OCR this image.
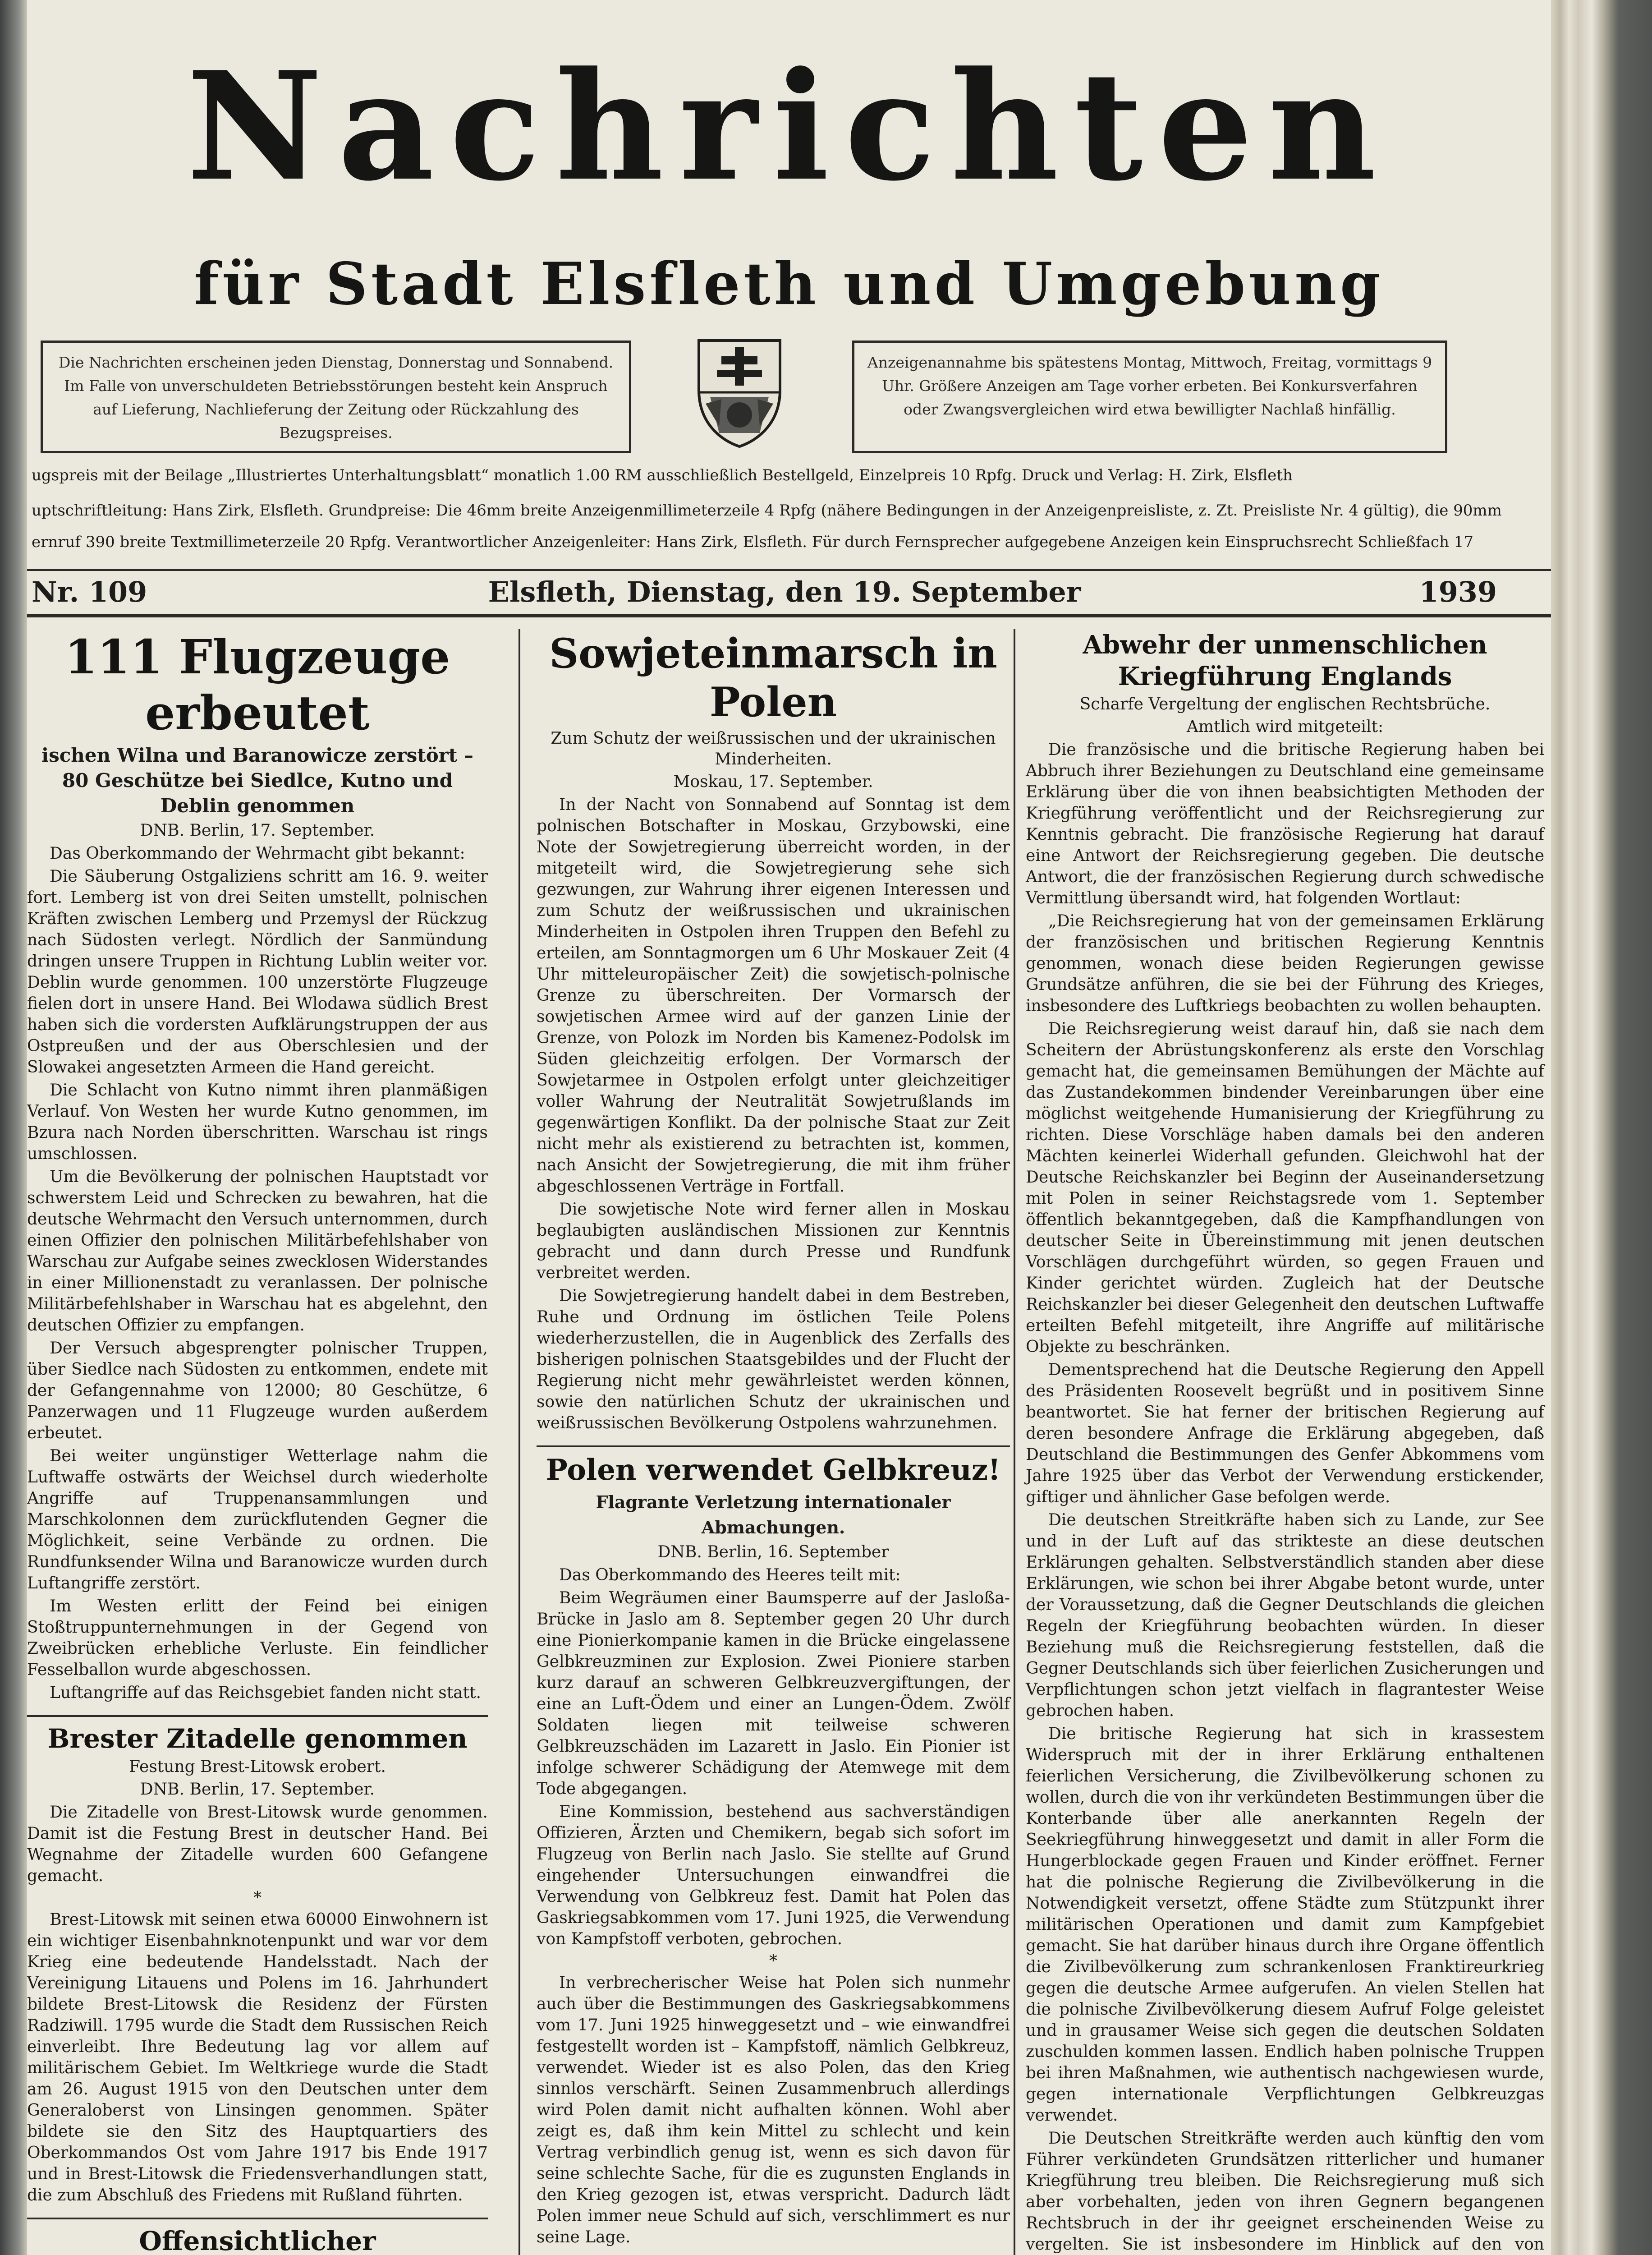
Nachrichten
für Stadt Elsfleth und Umgebung
Die Nachrichten erscheinen jeden Dienstag, Donnerstag und Sonnabend. Im Falle von unverschuldeten Betriebsstörungen besteht kein Anspruch auf Lieferung, Nachlieferung der Zeitung oder Rückzahlung des Bezugspreises.
Anzeigenannahme bis spätestens Montag, Mittwoch, Freitag, vormittags 9 Uhr. Größere Anzeigen am Tage vorher erbeten. Bei Konkursverfahren oder Zwangsvergleichen wird etwa bewilligter Nachlaß hinfällig.
ugspreis mit der Beilage „Illustriertes Unterhaltungsblatt“ monatlich 1.00 RM ausschließlich Bestellgeld, Einzelpreis 10 Rpfg. Druck und Verlag: H. Zirk, Elsfleth
uptschriftleitung: Hans Zirk, Elsfleth. Grundpreise: Die 46mm breite Anzeigenmillimeterzeile 4 Rpfg (nähere Bedingungen in der Anzeigenpreisliste, z. Zt. Preisliste Nr. 4 gültig), die 90mm
ernruf 390 breite Textmillimeterzeile 20 Rpfg. Verantwortlicher Anzeigenleiter: Hans Zirk, Elsfleth. Für durch Fernsprecher aufgegebene Anzeigen kein Einspruchsrecht Schließfach 17
Nr. 109	Elsfleth, Dienstag, den 19. September	1939
111 Flugzeuge erbeutet
ischen Wilna und Baranowicze zerstört – 80 Geschütze bei Siedlce, Kutno und Deblin genommen
DNB. Berlin, 17. September.

Das Oberkommando der Wehrmacht gibt bekannt:

Die Säuberung Ostgaliziens schritt am 16. 9. weiter fort. Lemberg ist von drei Seiten umstellt, polnischen Kräften zwischen Lemberg und Przemysl der Rückzug nach Südosten verlegt. Nördlich der Sanmündung dringen unsere Truppen in Richtung Lublin weiter vor. Deblin wurde genommen. 100 unzerstörte Flugzeuge fielen dort in unsere Hand. Bei Wlodawa südlich Brest haben sich die vordersten Aufklärungstruppen der aus Ostpreußen und der aus Oberschlesien und der Slowakei angesetzten Armeen die Hand gereicht.

Die Schlacht von Kutno nimmt ihren planmäßigen Verlauf. Von Westen her wurde Kutno genommen, im Bzura nach Norden überschritten. Warschau ist rings umschlossen.

Um die Bevölkerung der polnischen Hauptstadt vor schwerstem Leid und Schrecken zu bewahren, hat die deutsche Wehrmacht den Versuch unternommen, durch einen Offizier den polnischen Militärbefehlshaber von Warschau zur Aufgabe seines zwecklosen Widerstandes in einer Millionenstadt zu veranlassen. Der polnische Militärbefehlshaber in Warschau hat es abgelehnt, den deutschen Offizier zu empfangen.

Der Versuch abgesprengter polnischer Truppen, über Siedlce nach Südosten zu entkommen, endete mit der Gefangennahme von 12000; 80 Geschütze, 6 Panzerwagen und 11 Flugzeuge wurden außerdem erbeutet.

Bei weiter ungünstiger Wetterlage nahm die Luftwaffe ostwärts der Weichsel durch wiederholte Angriffe auf Truppenansammlungen und Marschkolonnen dem zurückflutenden Gegner die Möglichkeit, seine Verbände zu ordnen. Die Rundfunksender Wilna und Baranowicze wurden durch Luftangriffe zerstört.

Im Westen erlitt der Feind bei einigen Stoßtruppunternehmungen in der Gegend von Zweibrücken erhebliche Verluste. Ein feindlicher Fesselballon wurde abgeschossen.

Luftangriffe auf das Reichsgebiet fanden nicht statt.

Brester Zitadelle genommen
Festung Brest-Litowsk erobert.
DNB. Berlin, 17. September.

Die Zitadelle von Brest-Litowsk wurde genommen. Damit ist die Festung Brest in deutscher Hand. Bei Wegnahme der Zitadelle wurden 600 Gefangene gemacht.

*

Brest-Litowsk mit seinen etwa 60000 Einwohnern ist ein wichtiger Eisenbahnknotenpunkt und war vor dem Krieg eine bedeutende Handelsstadt. Nach der Vereinigung Litauens und Polens im 16. Jahrhundert bildete Brest-Litowsk die Residenz der Fürsten Radziwill. 1795 wurde die Stadt dem Russischen Reich einverleibt. Ihre Bedeutung lag vor allem auf militärischem Gebiet. Im Weltkriege wurde die Stadt am 26. August 1915 von den Deutschen unter dem Generaloberst von Linsingen genommen. Später bildete sie den Sitz des Hauptquartiers des Oberkommandos Ost vom Jahre 1917 bis Ende 1917 und in Brest-Litowsk die Friedensverhandlungen statt, die zum Abschluß des Friedens mit Rußland führten.

Offensichtlicher

Sowjeteinmarsch in Polen
Zum Schutz der weißrussischen und der ukrainischen Minderheiten.
Moskau, 17. September.

In der Nacht von Sonnabend auf Sonntag ist dem polnischen Botschafter in Moskau, Grzybowski, eine Note der Sowjetregierung überreicht worden, in der mitgeteilt wird, die Sowjetregierung sehe sich gezwungen, zur Wahrung ihrer eigenen Interessen und zum Schutz der weißrussischen und ukrainischen Minderheiten in Ostpolen ihren Truppen den Befehl zu erteilen, am Sonntagmorgen um 6 Uhr Moskauer Zeit (4 Uhr mitteleuropäischer Zeit) die sowjetisch-polnische Grenze zu überschreiten. Der Vormarsch der sowjetischen Armee wird auf der ganzen Linie der Grenze, von Polozk im Norden bis Kamenez-Podolsk im Süden gleichzeitig erfolgen. Der Vormarsch der Sowjetarmee in Ostpolen erfolgt unter gleichzeitiger voller Wahrung der Neutralität Sowjetrußlands im gegenwärtigen Konflikt. Da der polnische Staat zur Zeit nicht mehr als existierend zu betrachten ist, kommen, nach Ansicht der Sowjetregierung, die mit ihm früher abgeschlossenen Verträge in Fortfall.

Die sowjetische Note wird ferner allen in Moskau beglaubigten ausländischen Missionen zur Kenntnis gebracht und dann durch Presse und Rundfunk verbreitet werden.

Die Sowjetregierung handelt dabei in dem Bestreben, Ruhe und Ordnung im östlichen Teile Polens wiederherzustellen, die in Augenblick des Zerfalls des bisherigen polnischen Staatsgebildes und der Flucht der Regierung nicht mehr gewährleistet werden können, sowie den natürlichen Schutz der ukrainischen und weißrussischen Bevölkerung Ostpolens wahrzunehmen.

Polen verwendet Gelbkreuz!
Flagrante Verletzung internationaler Abmachungen.
DNB. Berlin, 16. September

Das Oberkommando des Heeres teilt mit:

Beim Wegräumen einer Baumsperre auf der Jasloßa-Brücke in Jaslo am 8. September gegen 20 Uhr durch eine Pionierkompanie kamen in die Brücke eingelassene Gelbkreuzminen zur Explosion. Zwei Pioniere starben kurz darauf an schweren Gelbkreuzvergiftungen, der eine an Luft-Ödem und einer an Lungen-Ödem. Zwölf Soldaten liegen mit teilweise schweren Gelbkreuzschäden im Lazarett in Jaslo. Ein Pionier ist infolge schwerer Schädigung der Atemwege mit dem Tode abgegangen.

Eine Kommission, bestehend aus sachverständigen Offizieren, Ärzten und Chemikern, begab sich sofort im Flugzeug von Berlin nach Jaslo. Sie stellte auf Grund eingehender Untersuchungen einwandfrei die Verwendung von Gelbkreuz fest. Damit hat Polen das Gaskriegsabkommen vom 17. Juni 1925, die Verwendung von Kampfstoff verboten, gebrochen.

*

In verbrecherischer Weise hat Polen sich nunmehr auch über die Bestimmungen des Gaskriegsabkommens vom 17. Juni 1925 hinweggesetzt und – wie einwandfrei festgestellt worden ist – Kampfstoff, nämlich Gelbkreuz, verwendet. Wieder ist es also Polen, das den Krieg sinnlos verschärft. Seinen Zusammenbruch allerdings wird Polen damit nicht aufhalten können. Wohl aber zeigt es, daß ihm kein Mittel zu schlecht und kein Vertrag verbindlich genug ist, wenn es sich davon für seine schlechte Sache, für die es zugunsten Englands in den Krieg gezogen ist, etwas verspricht. Dadurch lädt Polen immer neue Schuld auf sich, verschlimmert es nur seine Lage.

Abwehr der unmenschlichen Kriegführung Englands
Scharfe Vergeltung der englischen Rechtsbrüche.
Amtlich wird mitgeteilt:

Die französische und die britische Regierung haben bei Abbruch ihrer Beziehungen zu Deutschland eine gemeinsame Erklärung über die von ihnen beabsichtigten Methoden der Kriegführung veröffentlicht und der Reichsregierung zur Kenntnis gebracht. Die französische Regierung hat darauf eine Antwort der Reichsregierung gegeben. Die deutsche Antwort, die der französischen Regierung durch schwedische Vermittlung übersandt wird, hat folgenden Wortlaut:

„Die Reichsregierung hat von der gemeinsamen Erklärung der französischen und britischen Regierung Kenntnis genommen, wonach diese beiden Regierungen gewisse Grundsätze anführen, die sie bei der Führung des Krieges, insbesondere des Luftkriegs beobachten zu wollen behaupten.

Die Reichsregierung weist darauf hin, daß sie nach dem Scheitern der Abrüstungskonferenz als erste den Vorschlag gemacht hat, die gemeinsamen Bemühungen der Mächte auf das Zustandekommen bindender Vereinbarungen über eine möglichst weitgehende Humanisierung der Kriegführung zu richten. Diese Vorschläge haben damals bei den anderen Mächten keinerlei Widerhall gefunden. Gleichwohl hat der Deutsche Reichskanzler bei Beginn der Auseinandersetzung mit Polen in seiner Reichstagsrede vom 1. September öffentlich bekanntgegeben, daß die Kampfhandlungen von deutscher Seite in Übereinstimmung mit jenen deutschen Vorschlägen durchgeführt würden, so gegen Frauen und Kinder gerichtet würden. Zugleich hat der Deutsche Reichskanzler bei dieser Gelegenheit den deutschen Luftwaffe erteilten Befehl mitgeteilt, ihre Angriffe auf militärische Objekte zu beschränken.

Dementsprechend hat die Deutsche Regierung den Appell des Präsidenten Roosevelt begrüßt und in positivem Sinne beantwortet. Sie hat ferner der britischen Regierung auf deren besondere Anfrage die Erklärung abgegeben, daß Deutschland die Bestimmungen des Genfer Abkommens vom Jahre 1925 über das Verbot der Verwendung erstickender, giftiger und ähnlicher Gase befolgen werde.

Die deutschen Streitkräfte haben sich zu Lande, zur See und in der Luft auf das strikteste an diese deutschen Erklärungen gehalten. Selbstverständlich standen aber diese Erklärungen, wie schon bei ihrer Abgabe betont wurde, unter der Voraussetzung, daß die Gegner Deutschlands die gleichen Regeln der Kriegführung beobachten würden. In dieser Beziehung muß die Reichsregierung feststellen, daß die Gegner Deutschlands sich über feierlichen Zusicherungen und Verpflichtungen schon jetzt vielfach in flagrantester Weise gebrochen haben.

Die britische Regierung hat sich in krassestem Widerspruch mit der in ihrer Erklärung enthaltenen feierlichen Versicherung, die Zivilbevölkerung schonen zu wollen, durch die von ihr verkündeten Bestimmungen über die Konterbande über alle anerkannten Regeln der Seekriegführung hinweggesetzt und damit in aller Form die Hungerblockade gegen Frauen und Kinder eröffnet. Ferner hat die polnische Regierung die Zivilbevölkerung in die Notwendigkeit versetzt, offene Städte zum Stützpunkt ihrer militärischen Operationen und damit zum Kampfgebiet gemacht. Sie hat darüber hinaus durch ihre Organe öffentlich die Zivilbevölkerung zum schrankenlosen Franktireurkrieg gegen die deutsche Armee aufgerufen. An vielen Stellen hat die polnische Zivilbevölkerung diesem Aufruf Folge geleistet und in grausamer Weise sich gegen die deutschen Soldaten zuschulden kommen lassen. Endlich haben polnische Truppen bei ihren Maßnahmen, wie authentisch nachgewiesen wurde, gegen internationale Verpflichtungen Gelbkreuzgas verwendet.

Die Deutschen Streitkräfte werden auch künftig den vom Führer verkündeten Grundsätzen ritterlicher und humaner Kriegführung treu bleiben. Die Reichsregierung muß sich aber vorbehalten, jeden von ihren Gegnern begangenen Rechtsbruch in der ihr geeignet erscheinenden Weise zu vergelten. Sie ist insbesondere im Hinblick auf den von
